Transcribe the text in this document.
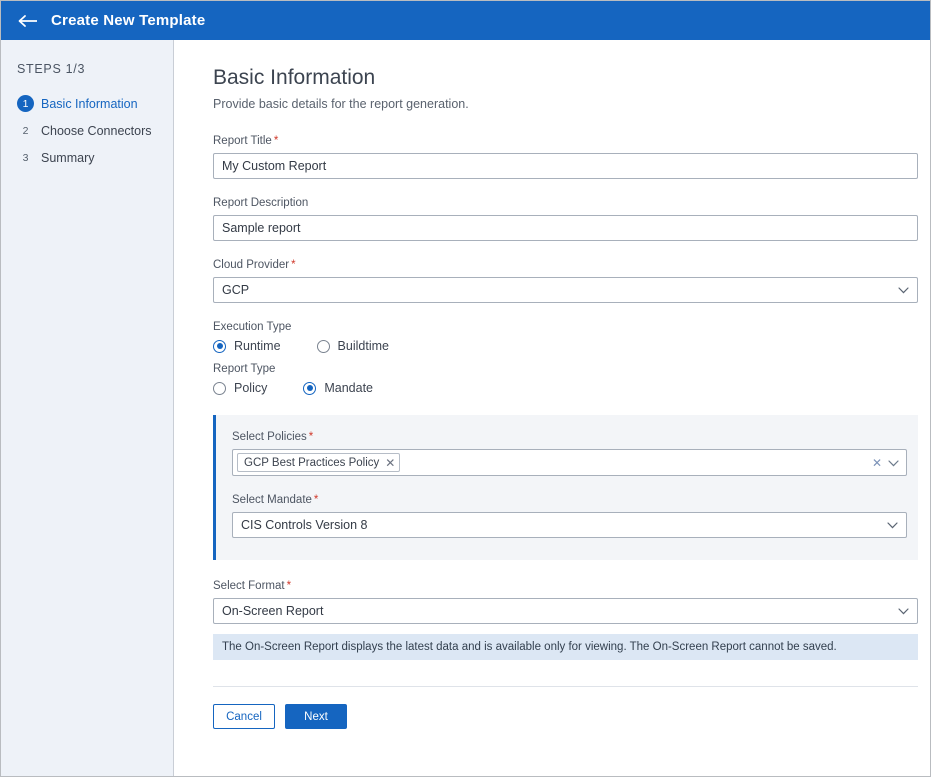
Create New Template
STEPS 1/3
1	Basic Information
2	Choose Connectors
3	Summary
Basic Information

Provide basic details for the report generation.

Report Title *
My Custom Report
Report Description
Sample report
Cloud Provider *
GCP
Execution Type
Runtime	Buildtime
Report Type
Policy	Mandate
Select Policies *
GCP Best Practices Policy ✕	✕
Select Mandate *
CIS Controls Version 8
Select Format *
On-Screen Report
The On-Screen Report displays the latest data and is available only for viewing. The On-Screen Report cannot be saved.
Cancel	Next
